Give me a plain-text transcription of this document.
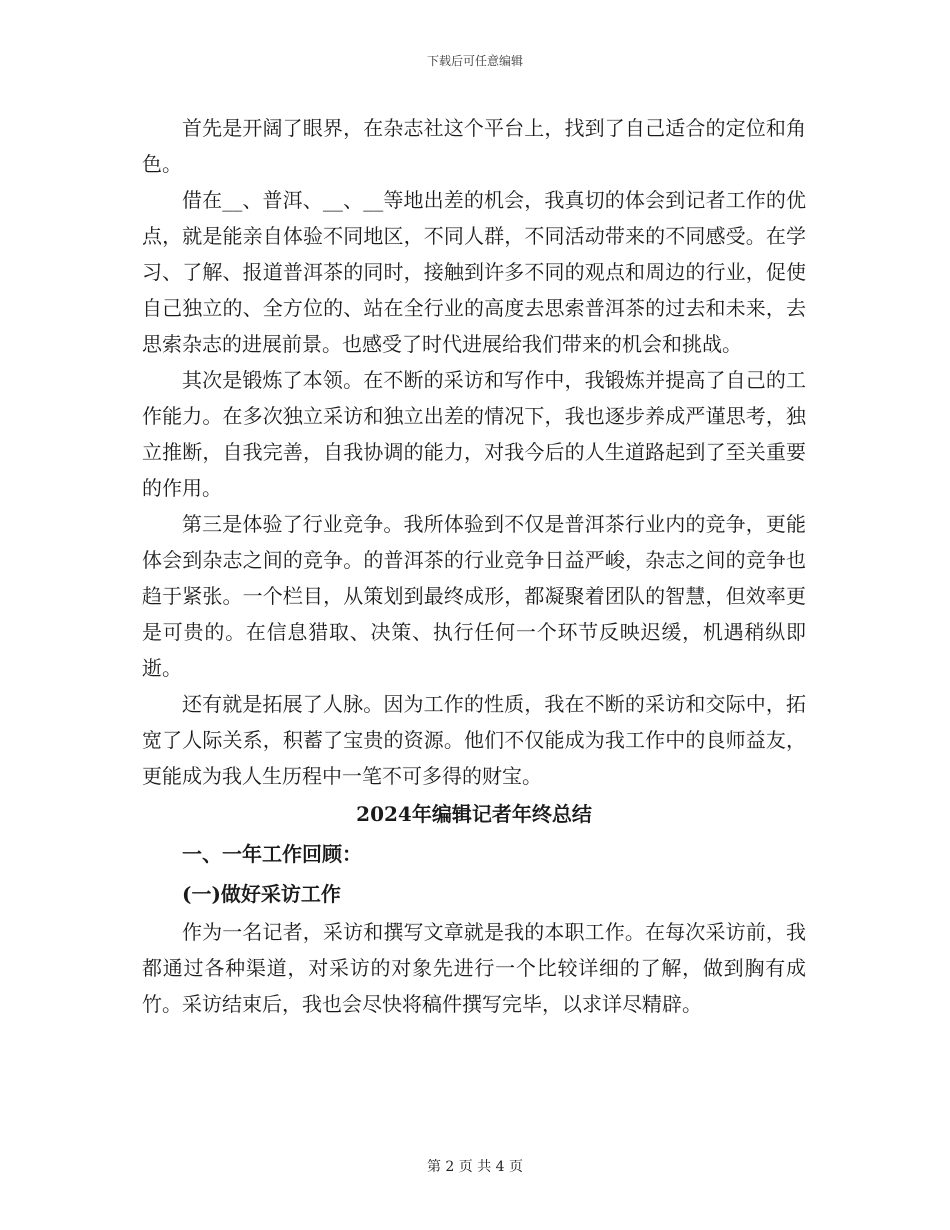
下载后可任意编辑

首先是开阔了眼界，在杂志社这个平台上，找到了自己适合的定位和角色。

借在__、普洱、__、__等地出差的机会，我真切的体会到记者工作的优点，就是能亲自体验不同地区，不同人群，不同活动带来的不同感受。在学习、了解、报道普洱茶的同时，接触到许多不同的观点和周边的行业，促使自己独立的、全方位的、站在全行业的高度去思索普洱茶的过去和未来，去思索杂志的进展前景。也感受了时代进展给我们带来的机会和挑战。

其次是锻炼了本领。在不断的采访和写作中，我锻炼并提高了自己的工作能力。在多次独立采访和独立出差的情况下，我也逐步养成严谨思考，独立推断，自我完善，自我协调的能力，对我今后的人生道路起到了至关重要的作用。

第三是体验了行业竞争。我所体验到不仅是普洱茶行业内的竞争，更能体会到杂志之间的竞争。的普洱茶的行业竞争日益严峻，杂志之间的竞争也趋于紧张。一个栏目，从策划到最终成形，都凝聚着团队的智慧，但效率更是可贵的。在信息猎取、决策、执行任何一个环节反映迟缓，机遇稍纵即逝。

还有就是拓展了人脉。因为工作的性质，我在不断的采访和交际中，拓宽了人际关系，积蓄了宝贵的资源。他们不仅能成为我工作中的良师益友，更能成为我人生历程中一笔不可多得的财宝。

2024年编辑记者年终总结

一、一年工作回顾：

(一)做好采访工作

作为一名记者，采访和撰写文章就是我的本职工作。在每次采访前，我都通过各种渠道，对采访的对象先进行一个比较详细的了解，做到胸有成竹。采访结束后，我也会尽快将稿件撰写完毕，以求详尽精辟。

第 2 页 共 4 页
